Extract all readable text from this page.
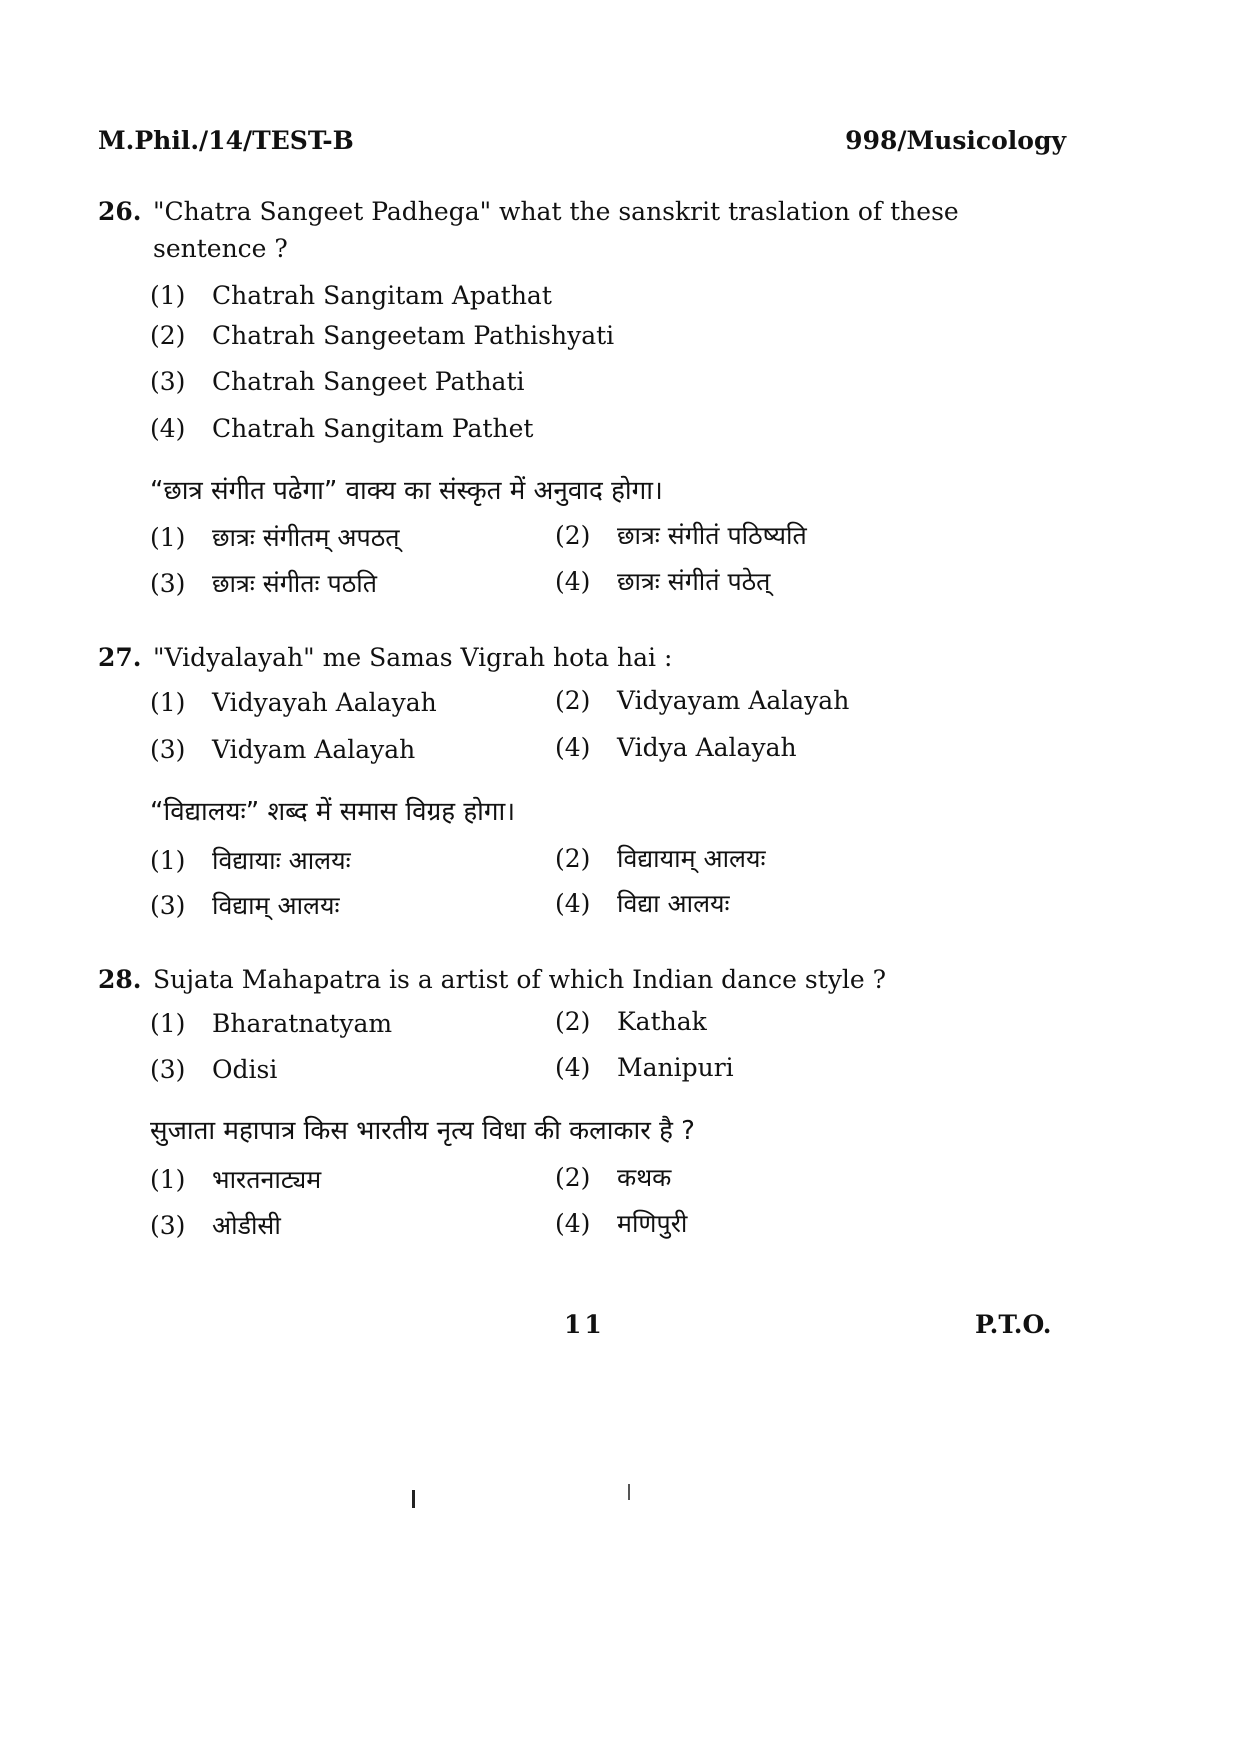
M.Phil./14/TEST-B	998/Musicology
26. "Chatra Sangeet Padhega" what the sanskrit traslation of these
sentence ?
(1) Chatrah Sangitam Apathat
(2) Chatrah Sangeetam Pathishyati
(3) Chatrah Sangeet Pathati
(4) Chatrah Sangitam Pathet
“छात्र संगीत पढेगा” वाक्य का संस्कृत में अनुवाद होगा।
(1) छात्रः संगीतम् अपठत्	(2) छात्रः संगीतं पठिष्यति
(3) छात्रः संगीतः पठति	(4) छात्रः संगीतं पठेत्
27. "Vidyalayah" me Samas Vigrah hota hai :
(1) Vidyayah Aalayah	(2) Vidyayam Aalayah
(3) Vidyam Aalayah	(4) Vidya Aalayah
“विद्यालयः” शब्द में समास विग्रह होगा।
(1) विद्यायाः आलयः	(2) विद्यायाम् आलयः
(3) विद्याम् आलयः	(4) विद्या आलयः
28. Sujata Mahapatra is a artist of which Indian dance style ?
(1) Bharatnatyam	(2) Kathak
(3) Odisi	(4) Manipuri
सुजाता महापात्र किस भारतीय नृत्य विधा की कलाकार है ?
(1) भारतनाट्यम	(2) कथक
(3) ओडीसी	(4) मणिपुरी
11	P.T.O.
